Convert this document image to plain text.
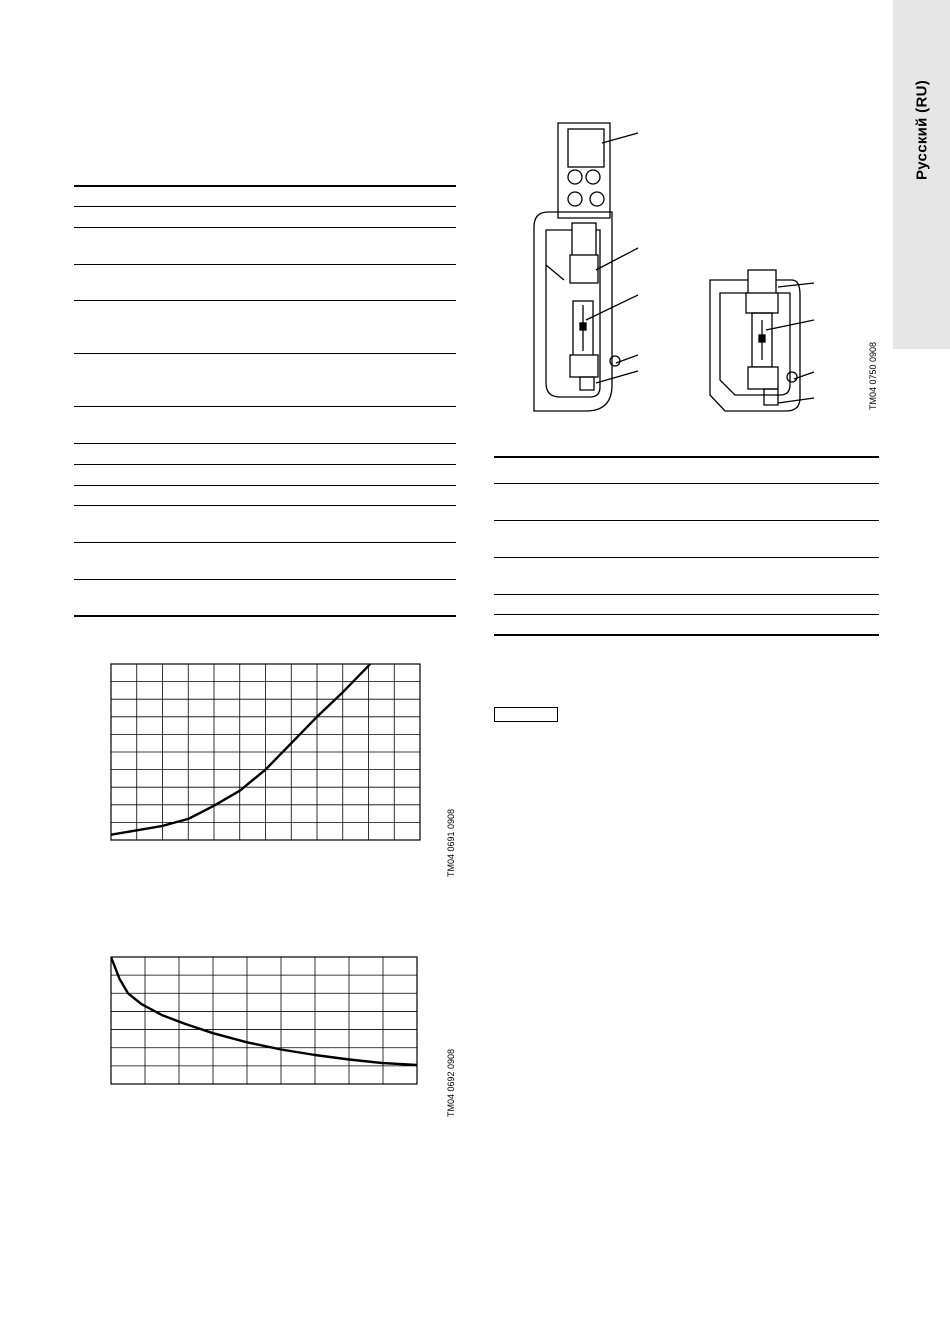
Русский (RU)
TM04 0750 0908
TM04 0691 0908
TM04 0692 0908
